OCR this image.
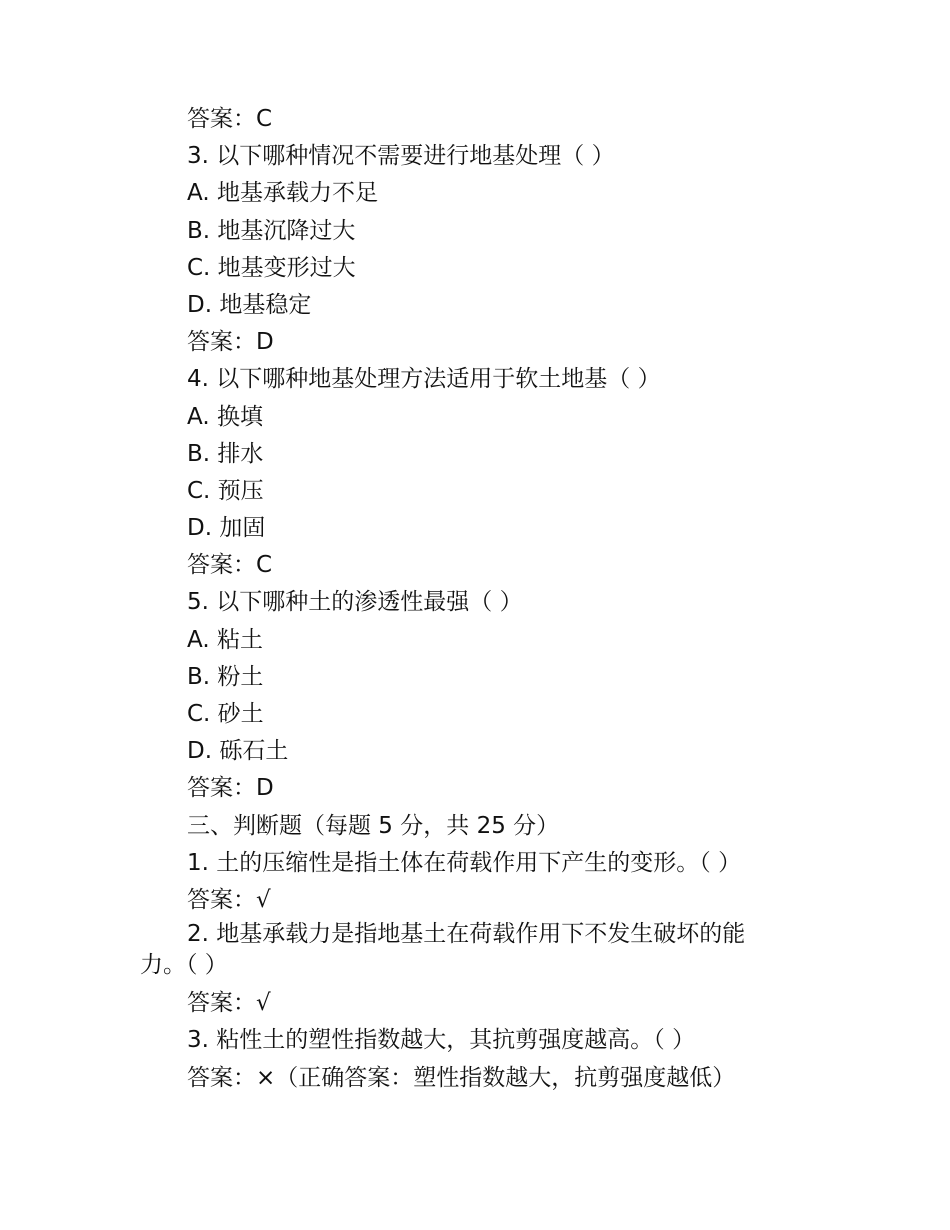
答案：C
3. 以下哪种情况不需要进行地基处理（ ）
A. 地基承载力不足
B. 地基沉降过大
C. 地基变形过大
D. 地基稳定
答案：D
4. 以下哪种地基处理方法适用于软土地基（ ）
A. 换填
B. 排水
C. 预压
D. 加固
答案：C
5. 以下哪种土的渗透性最强（ ）
A. 粘土
B. 粉土
C. 砂土
D. 砾石土
答案：D
三、判断题（每题 5 分，共 25 分）
1. 土的压缩性是指土体在荷载作用下产生的变形。（ ）
答案：√
2. 地基承载力是指地基土在荷载作用下不发生破坏的能
力。（ ）
答案：√
3. 粘性土的塑性指数越大，其抗剪强度越高。（ ）
答案：×（正确答案：塑性指数越大，抗剪强度越低）
